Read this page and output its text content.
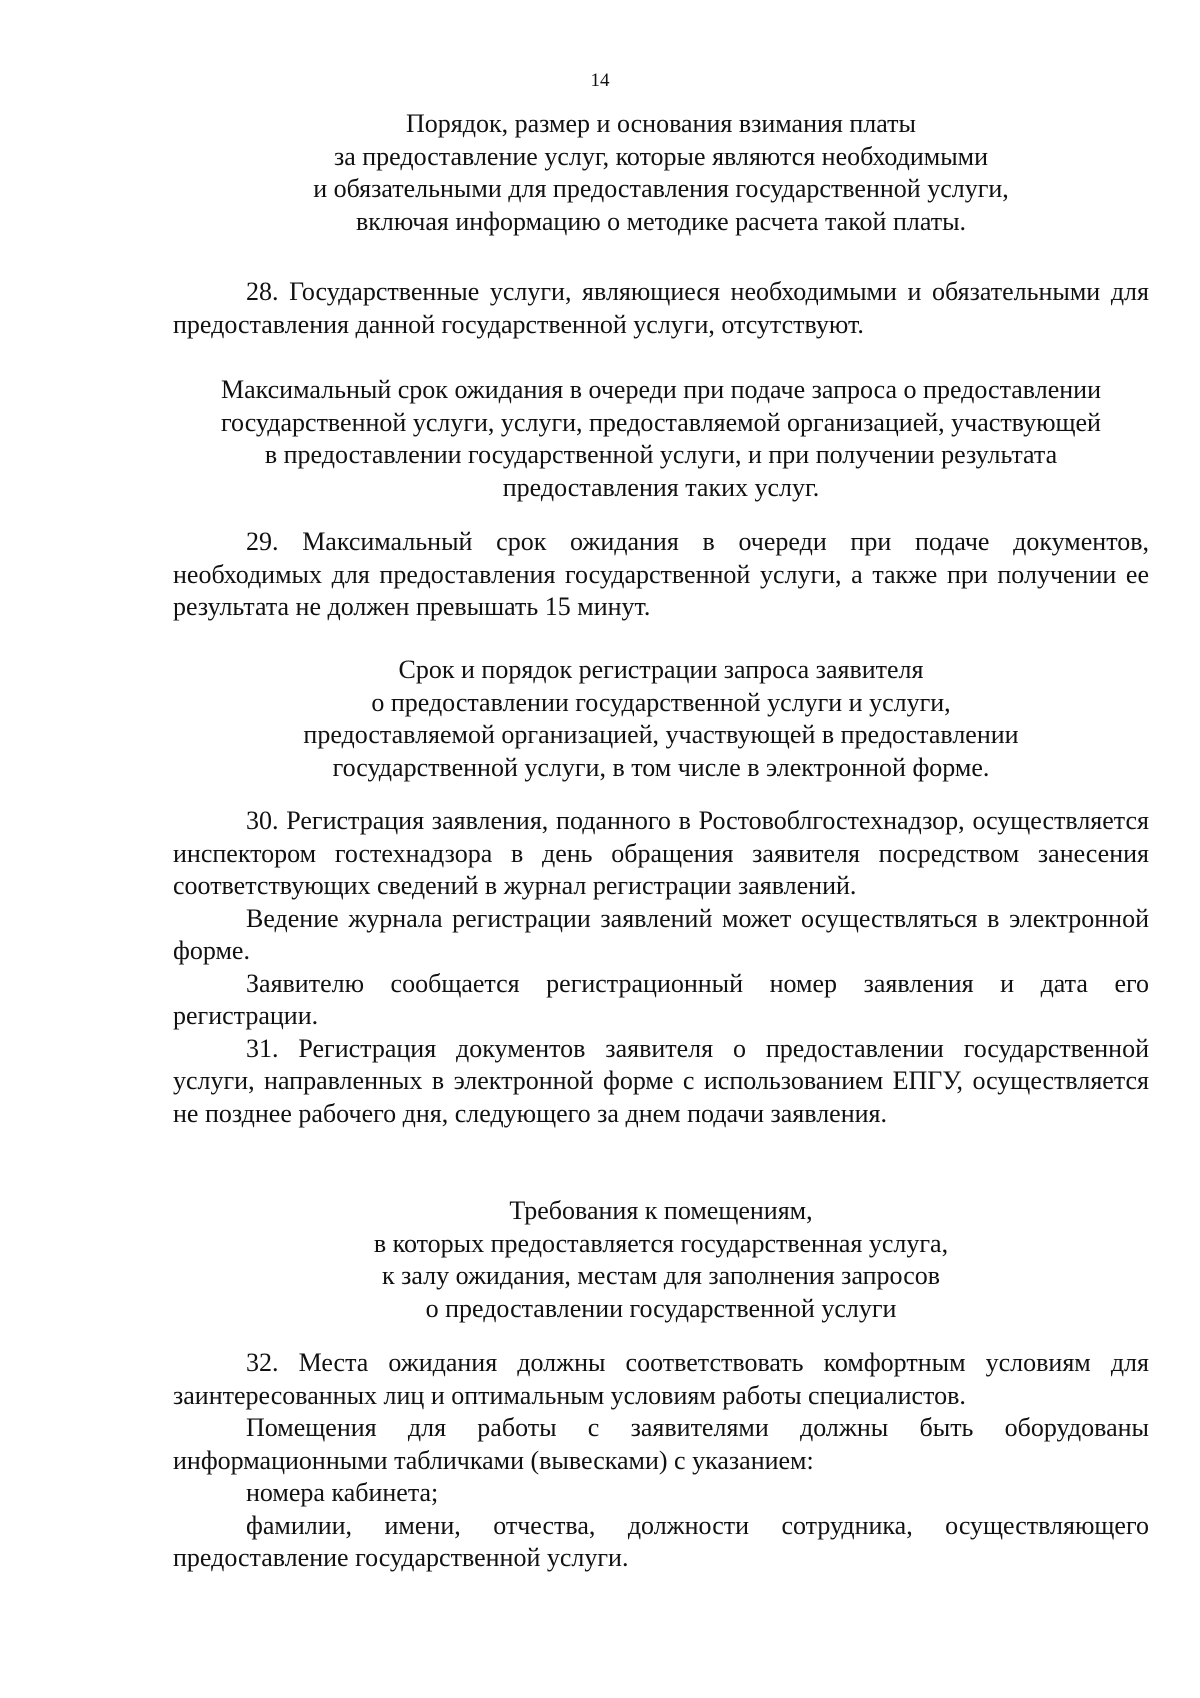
14
Порядок, размер и основания взимания платы
за предоставление услуг, которые являются необходимыми
и обязательными для предоставления государственной услуги,
включая информацию о методике расчета такой платы.

28. Государственные услуги, являющиеся необходимыми и обязательными для предоставления данной государственной услуги, отсутствуют.

Максимальный срок ожидания в очереди при подаче запроса о предоставлении
государственной услуги, услуги, предоставляемой организацией, участвующей
в предоставлении государственной услуги, и при получении результата
предоставления таких услуг.

29. Максимальный срок ожидания в очереди при подаче документов, необходимых для предоставления государственной услуги, а также при получении ее результата не должен превышать 15 минут.

Срок и порядок регистрации запроса заявителя
о предоставлении государственной услуги и услуги,
предоставляемой организацией, участвующей в предоставлении
государственной услуги, в том числе в электронной форме.

30. Регистрация заявления, поданного в Ростовоблгостехнадзор, осуществляется инспектором гостехнадзора в день обращения заявителя посредством занесения соответствующих сведений в журнал регистрации заявлений.

Ведение журнала регистрации заявлений может осуществляться в электронной форме.

Заявителю сообщается регистрационный номер заявления и дата его регистрации.

31. Регистрация документов заявителя о предоставлении государственной услуги, направленных в электронной форме с использованием ЕПГУ, осуществляется не позднее рабочего дня, следующего за днем подачи заявления.

Требования к помещениям,
в которых предоставляется государственная услуга,
к залу ожидания, местам для заполнения запросов
о предоставлении государственной услуги

32. Места ожидания должны соответствовать комфортным условиям для заинтересованных лиц и оптимальным условиям работы специалистов.

Помещения для работы с заявителями должны быть оборудованы информационными табличками (вывесками) с указанием:

номера кабинета;

фамилии, имени, отчества, должности сотрудника, осуществляющего предоставление государственной услуги.
